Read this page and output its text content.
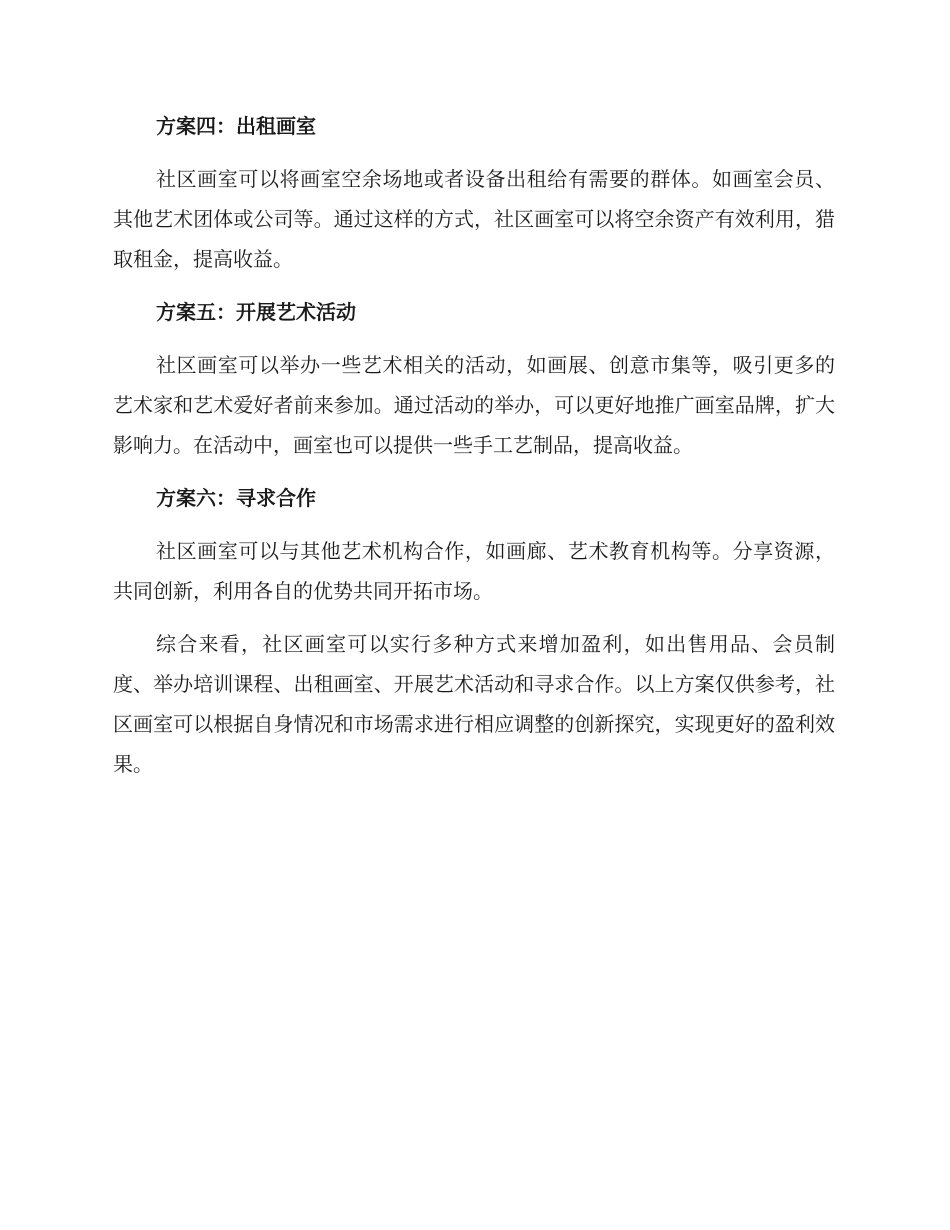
方案四：出租画室

社区画室可以将画室空余场地或者设备出租给有需要的群体。如画室会员、其他艺术团体或公司等。通过这样的方式，社区画室可以将空余资产有效利用，猎取租金，提高收益。

方案五：开展艺术活动

社区画室可以举办一些艺术相关的活动，如画展、创意市集等，吸引更多的艺术家和艺术爱好者前来参加。通过活动的举办，可以更好地推广画室品牌，扩大影响力。在活动中，画室也可以提供一些手工艺制品，提高收益。

方案六：寻求合作

社区画室可以与其他艺术机构合作，如画廊、艺术教育机构等。分享资源，共同创新，利用各自的优势共同开拓市场。

综合来看，社区画室可以实行多种方式来增加盈利，如出售用品、会员制度、举办培训课程、出租画室、开展艺术活动和寻求合作。以上方案仅供参考，社区画室可以根据自身情况和市场需求进行相应调整的创新探究，实现更好的盈利效果。
